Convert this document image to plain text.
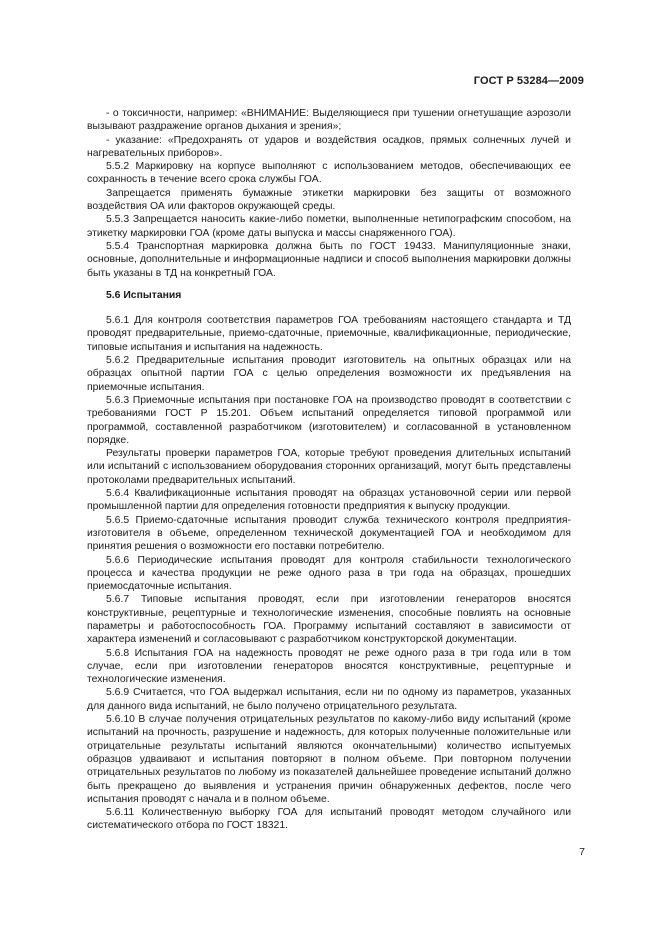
ГОСТ Р 53284—2009

- о токсичности, например: «ВНИМАНИЕ: Выделяющиеся при тушении огнетушащие аэрозоли вызывают раздражение органов дыхания и зрения»;

- указание: «Предохранять от ударов и воздействия осадков, прямых солнечных лучей и нагревательных приборов».

5.5.2 Маркировку на корпусе выполняют с использованием методов, обеспечивающих ее сохранность в течение всего срока службы ГОА.

Запрещается применять бумажные этикетки маркировки без защиты от возможного воздействия ОА или факторов окружающей среды.

5.5.3 Запрещается наносить какие-либо пометки, выполненные нетипографским способом, на этикетку маркировки ГОА (кроме даты выпуска и массы снаряженного ГОА).

5.5.4 Транспортная маркировка должна быть по ГОСТ 19433. Манипуляционные знаки, основные, дополнительные и информационные надписи и способ выполнения маркировки должны быть указаны в ТД на конкретный ГОА.

5.6 Испытания

5.6.1 Для контроля соответствия параметров ГОА требованиям настоящего стандарта и ТД проводят предварительные, приемо-сдаточные, приемочные, квалификационные, периодические, типовые испытания и испытания на надежность.

5.6.2 Предварительные испытания проводит изготовитель на опытных образцах или на образцах опытной партии ГОА с целью определения возможности их предъявления на приемочные испытания.

5.6.3 Приемочные испытания при постановке ГОА на производство проводят в соответствии с требованиями ГОСТ Р 15.201. Объем испытаний определяется типовой программой или программой, составленной разработчиком (изготовителем) и согласованной в установленном порядке.

Результаты проверки параметров ГОА, которые требуют проведения длительных испытаний или испытаний с использованием оборудования сторонних организаций, могут быть представлены протоколами предварительных испытаний.

5.6.4 Квалификационные испытания проводят на образцах установочной серии или первой промышленной партии для определения готовности предприятия к выпуску продукции.

5.6.5 Приемо-сдаточные испытания проводит служба технического контроля предприятия-изготовителя в объеме, определенном технической документацией ГОА и необходимом для принятия решения о возможности его поставки потребителю.

5.6.6 Периодические испытания проводят для контроля стабильности технологического процесса и качества продукции не реже одного раза в три года на образцах, прошедших приемосдаточные испытания.

5.6.7 Типовые испытания проводят, если при изготовлении генераторов вносятся конструктивные, рецептурные и технологические изменения, способные повлиять на основные параметры и работоспособность ГОА. Программу испытаний составляют в зависимости от характера изменений и согласовывают с разработчиком конструкторской документации.

5.6.8 Испытания ГОА на надежность проводят не реже одного раза в три года или в том случае, если при изготовлении генераторов вносятся конструктивные, рецептурные и технологические изменения.

5.6.9 Считается, что ГОА выдержал испытания, если ни по одному из параметров, указанных для данного вида испытаний, не было получено отрицательного результата.

5.6.10 В случае получения отрицательных результатов по какому-либо виду испытаний (кроме испытаний на прочность, разрушение и надежность, для которых полученные положительные или отрицательные результаты испытаний являются окончательными) количество испытуемых образцов удваивают и испытания повторяют в полном объеме. При повторном получении отрицательных результатов по любому из показателей дальнейшее проведение испытаний должно быть прекращено до выявления и устранения причин обнаруженных дефектов, после чего испытания проводят с начала и в полном объеме.

5.6.11 Количественную выборку ГОА для испытаний проводят методом случайного или систематического отбора по ГОСТ 18321.

7
